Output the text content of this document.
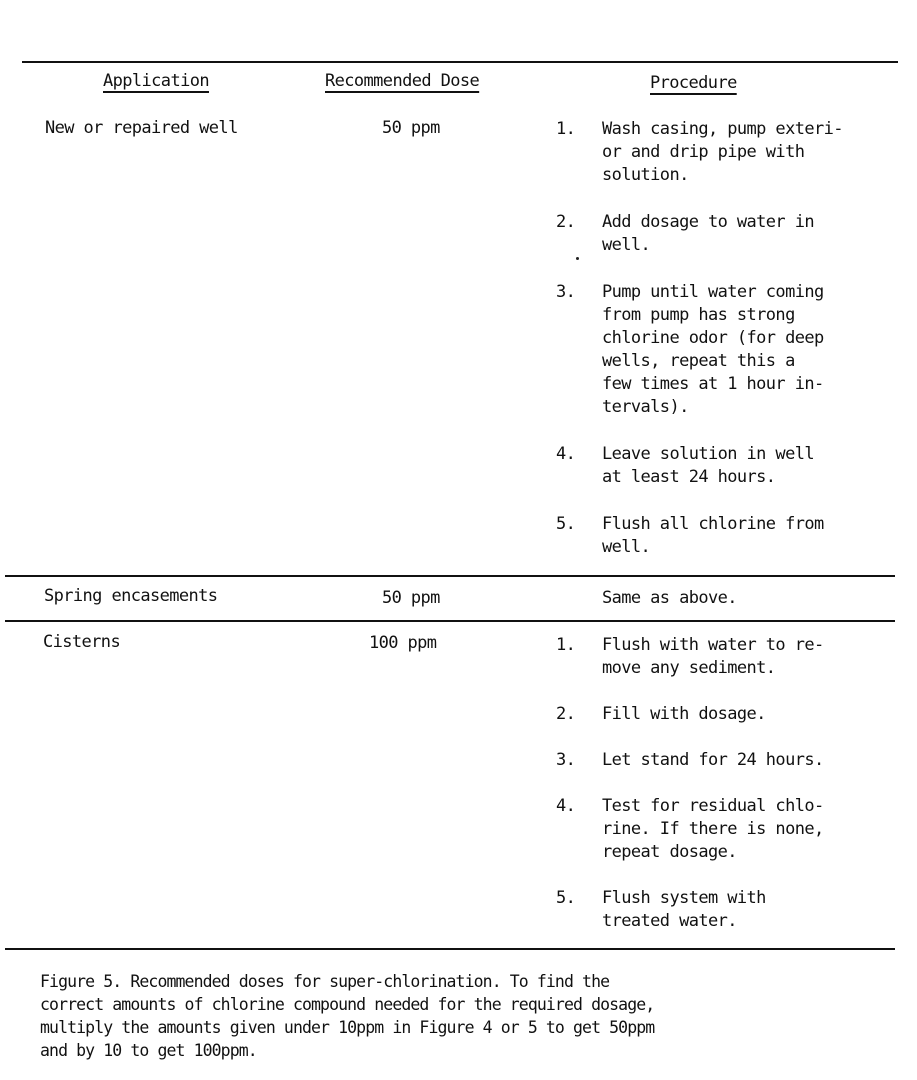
Application	Recommended Dose	Procedure
New or repaired well	50 ppm	1.	Wash casing, pump exteri-
or and drip pipe with
solution.
2.	Add dosage to water in
well.
3.	Pump until water coming
from pump has strong
chlorine odor (for deep
wells, repeat this a
few times at 1 hour in-
tervals).
4.	Leave solution in well
at least 24 hours.
5.	Flush all chlorine from
well.
Spring encasements	50 ppm	Same as above.
Cisterns	100 ppm	1.	Flush with water to re-
move any sediment.
2.	Fill with dosage.
3.	Let stand for 24 hours.
4.	Test for residual chlo-
rine. If there is none,
repeat dosage.
5.	Flush system with
treated water.
Figure 5. Recommended doses for super-chlorination. To find the
correct amounts of chlorine compound needed for the required dosage,
multiply the amounts given under 10ppm in Figure 4 or 5 to get 50ppm
and by 10 to get 100ppm.
